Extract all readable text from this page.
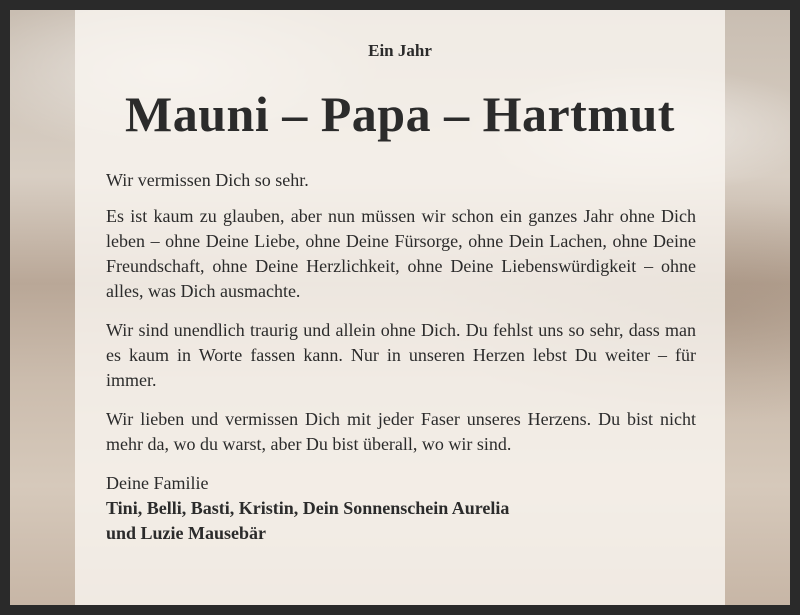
Ein Jahr
Mauni – Papa – Hartmut

Wir vermissen Dich so sehr.

Es ist kaum zu glauben, aber nun müssen wir schon ein ganzes Jahr ohne Dich leben – ohne Deine Liebe, ohne Deine Fürsorge, ohne Dein Lachen, ohne Deine Freundschaft, ohne Deine Herzlichkeit, ohne Deine Liebenswürdigkeit – ohne alles, was Dich ausmachte.

Wir sind unendlich traurig und allein ohne Dich. Du fehlst uns so sehr, dass man es kaum in Worte fassen kann. Nur in unseren Herzen lebst Du weiter – für immer.

Wir lieben und vermissen Dich mit jeder Faser unseres Herzens. Du bist nicht mehr da, wo du warst, aber Du bist überall, wo wir sind.

Deine Familie
Tini, Belli, Basti, Kristin, Dein Sonnenschein Aurelia
und Luzie Mausebär
